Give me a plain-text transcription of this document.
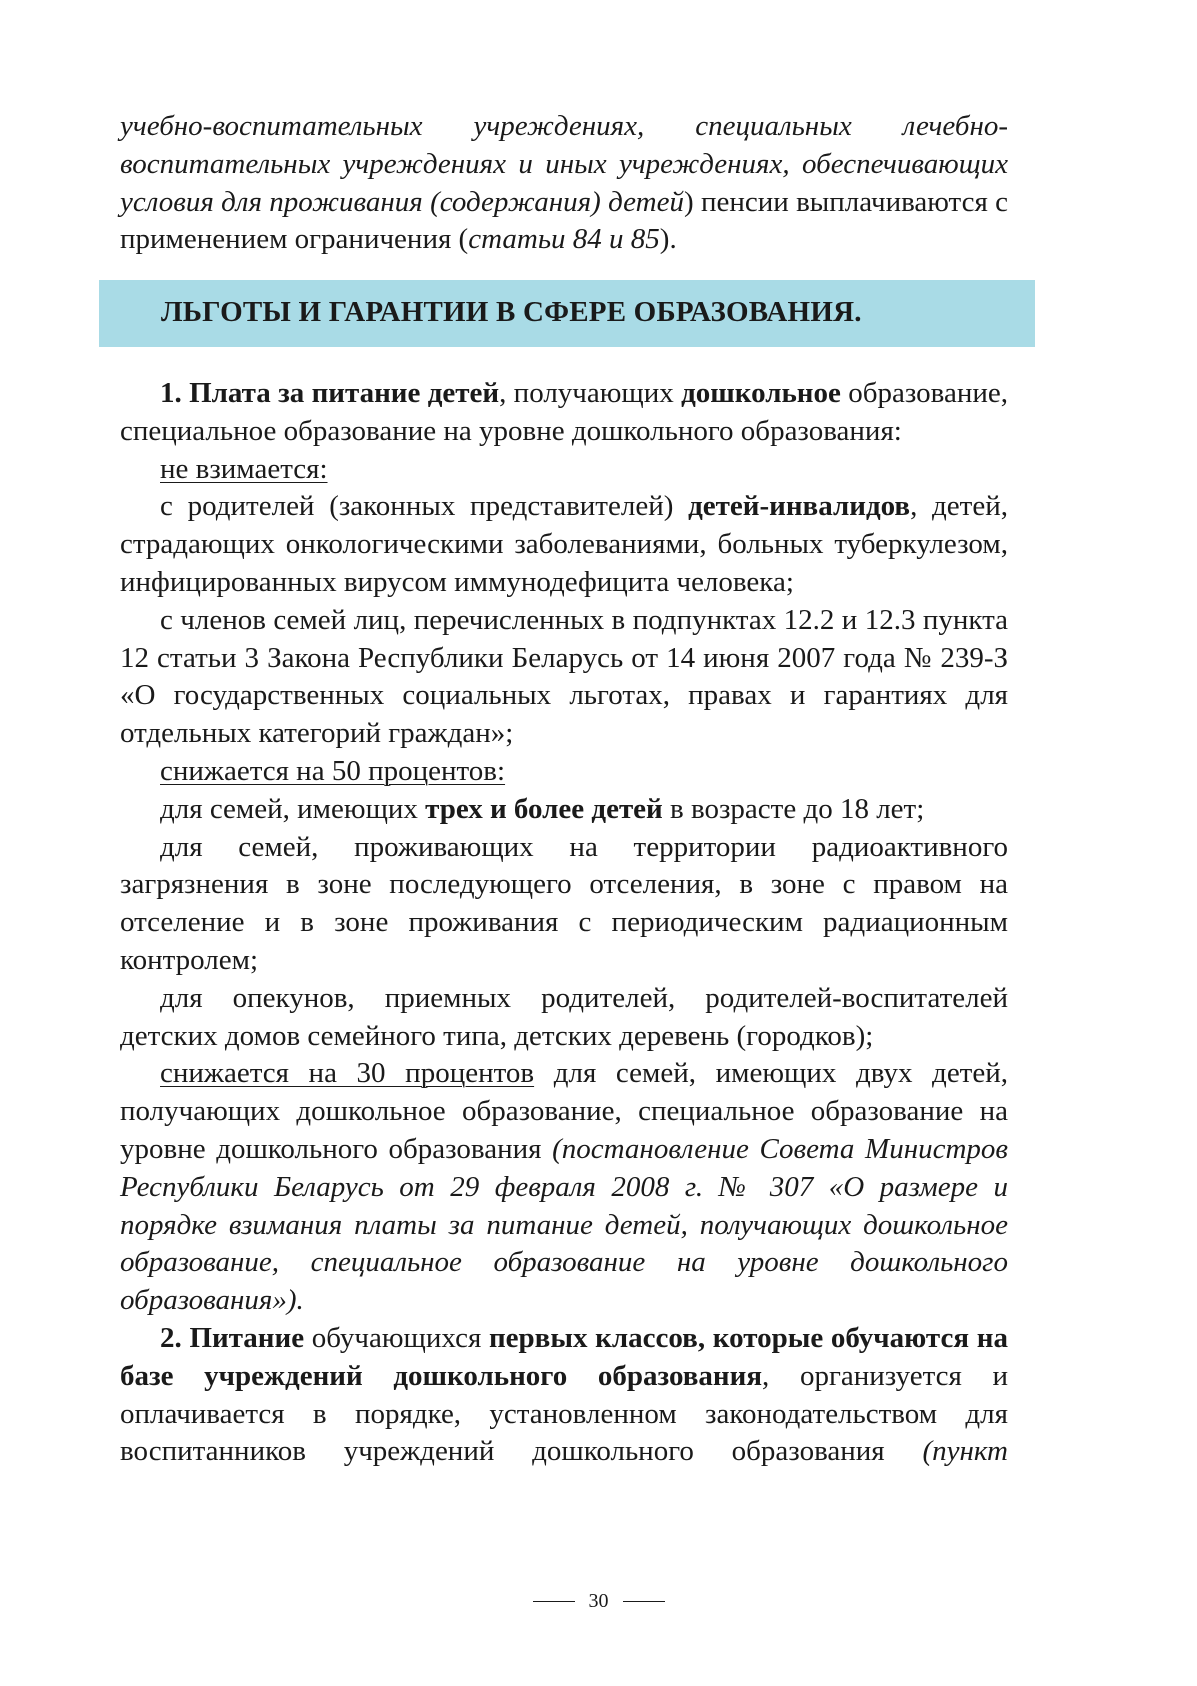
учебно-воспитательных учреждениях, специальных лечебно-воспитательных учреждениях и иных учреждениях, обеспечивающих условия для проживания (содержания) детей) пенсии выплачиваются с применением ограничения (статьи 84 и 85).

ЛЬГОТЫ И ГАРАНТИИ В СФЕРЕ ОБРАЗОВАНИЯ.

1. Плата за питание детей, получающих дошкольное образование, специальное образование на уровне дошкольного образования:

не взимается:

с родителей (законных представителей) детей-инвалидов, детей, страдающих онкологическими заболеваниями, больных туберкулезом, инфицированных вирусом иммунодефицита человека;

с членов семей лиц, перечисленных в подпунктах 12.2 и 12.3 пункта 12 статьи 3 Закона Республики Беларусь от 14 июня 2007 года № 239-З «О государственных социальных льготах, правах и гарантиях для отдельных категорий граждан»;

снижается на 50 процентов:

для семей, имеющих трех и более детей в возрасте до 18 лет;

для семей, проживающих на территории радиоактивного загрязнения в зоне последующего отселения, в зоне с правом на отселение и в зоне проживания с периодическим радиационным контролем;

для опекунов, приемных родителей, родителей-воспитателей детских домов семейного типа, детских деревень (городков);

снижается на 30 процентов для семей, имеющих двух детей, получающих дошкольное образование, специальное образование на уровне дошкольного образования (постановление Совета Министров Республики Беларусь от 29 февраля 2008 г. № 307 «О размере и порядке взимания платы за питание детей, получающих дошкольное образование, специальное образование на уровне дошкольного образования»).

2. Питание обучающихся первых классов, которые обучаются на базе учреждений дошкольного образования, организуется и оплачивается в порядке, установленном законодательством для воспитанников учреждений дошкольного образования (пункт

30
